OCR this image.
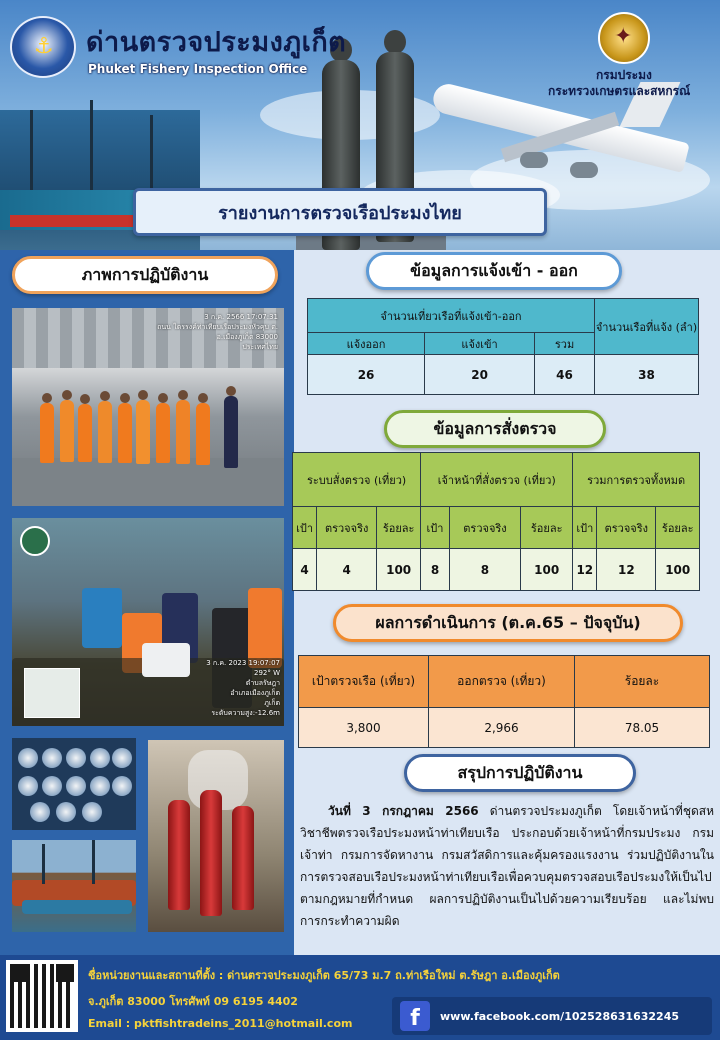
⚓
ด่านตรวจประมงภูเก็ต
Phuket Fishery Inspection Office
✦	กรมประมง
กระทรวงเกษตรและสหกรณ์
รายงานการตรวจเรือประมงไทย
ภาพการปฏิบัติงาน
3 ก.ค. 2566 17:07:31
ถนน ไตรรงค์ท่าเทียบเรือประมงหัวคุบ ต.
อ.เมืองภูเก็ต 83000
ประเทศไทย
3 ก.ค. 2023 19:07:07
292° W
ตำบลรัษฎา
อำเภอเมืองภูเก็ต
ภูเก็ต
ระดับความสูง:-12.6m
ข้อมูลการแจ้งเข้า - ออก
จำนวนเที่ยวเรือที่แจ้งเข้า-ออก			จำนวนเรือที่แจ้ง (ลำ)
แจ้งออก	แจ้งเข้า	รวม	
26	20	46	38
ข้อมูลการสั่งตรวจ
ระบบสั่งตรวจ (เที่ยว)			เจ้าหน้าที่สั่งตรวจ (เที่ยว)			รวมการตรวจทั้งหมด		
เป้า	ตรวจจริง	ร้อยละ	เป้า	ตรวจจริง	ร้อยละ	เป้า	ตรวจจริง	ร้อยละ
4	4	100	8	8	100	12	12	100
ผลการดำเนินการ (ต.ค.65 – ปัจจุบัน)
เป้าตรวจเรือ (เที่ยว)	ออกตรวจ (เที่ยว)	ร้อยละ
3,800	2,966	78.05
สรุปการปฏิบัติงาน
วันที่ 3 กรกฎาคม 2566 ด่านตรวจประมงภูเก็ต โดยเจ้าหน้าที่ชุดสหวิชาชีพตรวจเรือประมงหน้าท่าเทียบเรือ ประกอบด้วยเจ้าหน้าที่กรมประมง กรมเจ้าท่า กรมการจัดหางาน กรมสวัสดิการและคุ้มครองแรงงาน ร่วมปฏิบัติงานในการตรวจสอบเรือประมงหน้าท่าเทียบเรือเพื่อควบคุมตรวจสอบเรือประมงให้เป็นไปตามกฎหมายที่กำหนด ผลการปฏิบัติงานเป็นไปด้วยความเรียบร้อย และไม่พบการกระทำความผิด
ชื่อหน่วยงานและสถานที่ตั้ง : ด่านตรวจประมงภูเก็ต 65/73 ม.7 ถ.ท่าเรือใหม่ ต.รัษฎา อ.เมืองภูเก็ต
จ.ภูเก็ต 83000 โทรศัพท์ 09 6195 4402
Email : pktfishtradeins_2011@hotmail.com	f	www.facebook.com/102528631632245
